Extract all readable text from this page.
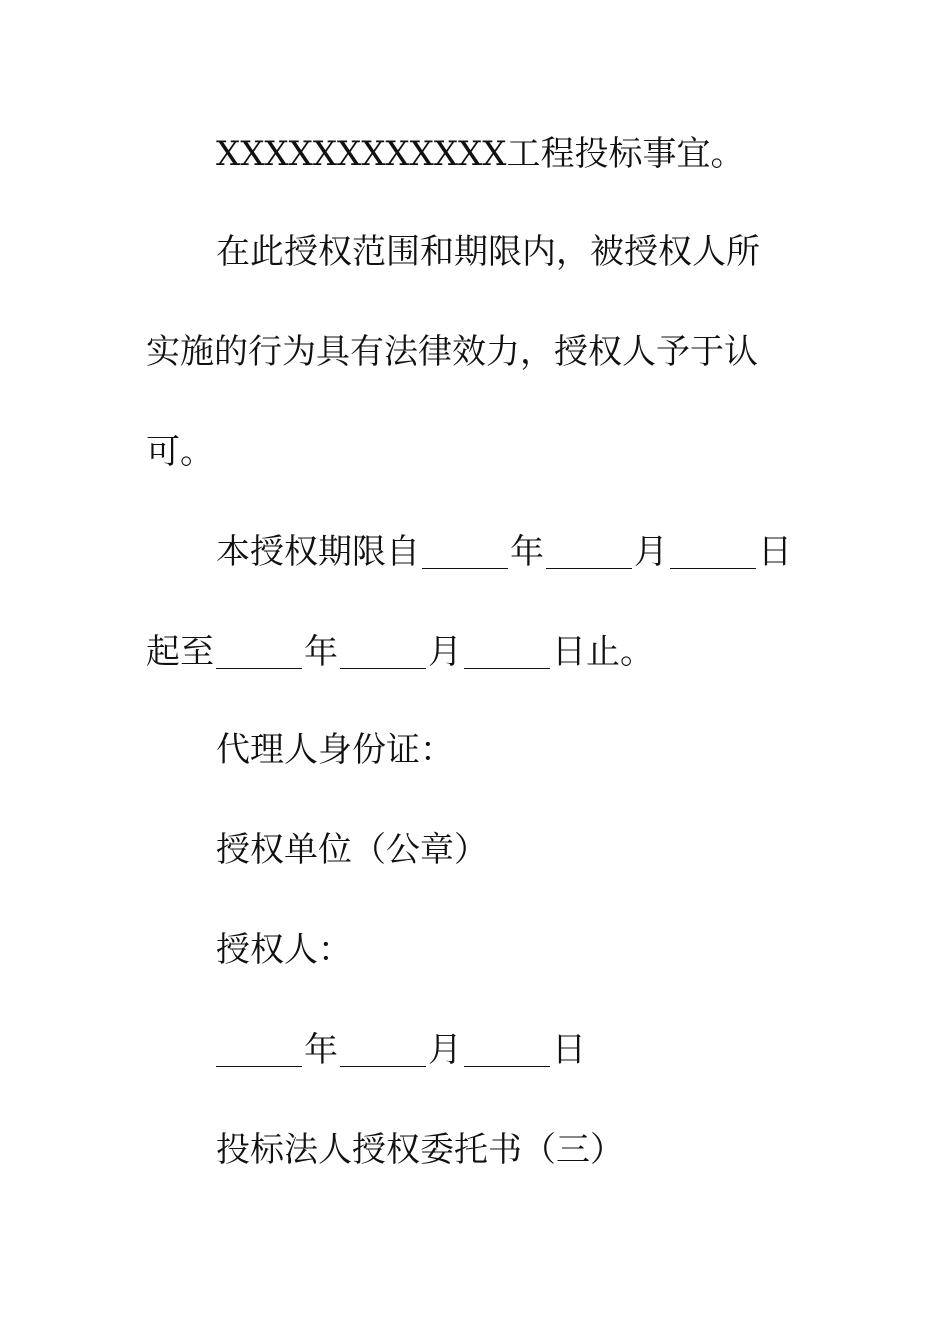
XXXXXXXXXXXX工程投标事宜。
在此授权范围和期限内，被授权人所
实施的行为具有法律效力，授权人予于认
可。
本授权期限自	年	月	日
起至	年	月	日止。
代理人身份证：
授权单位（公章）
授权人：
年	月	日
投标法人授权委托书（三）
